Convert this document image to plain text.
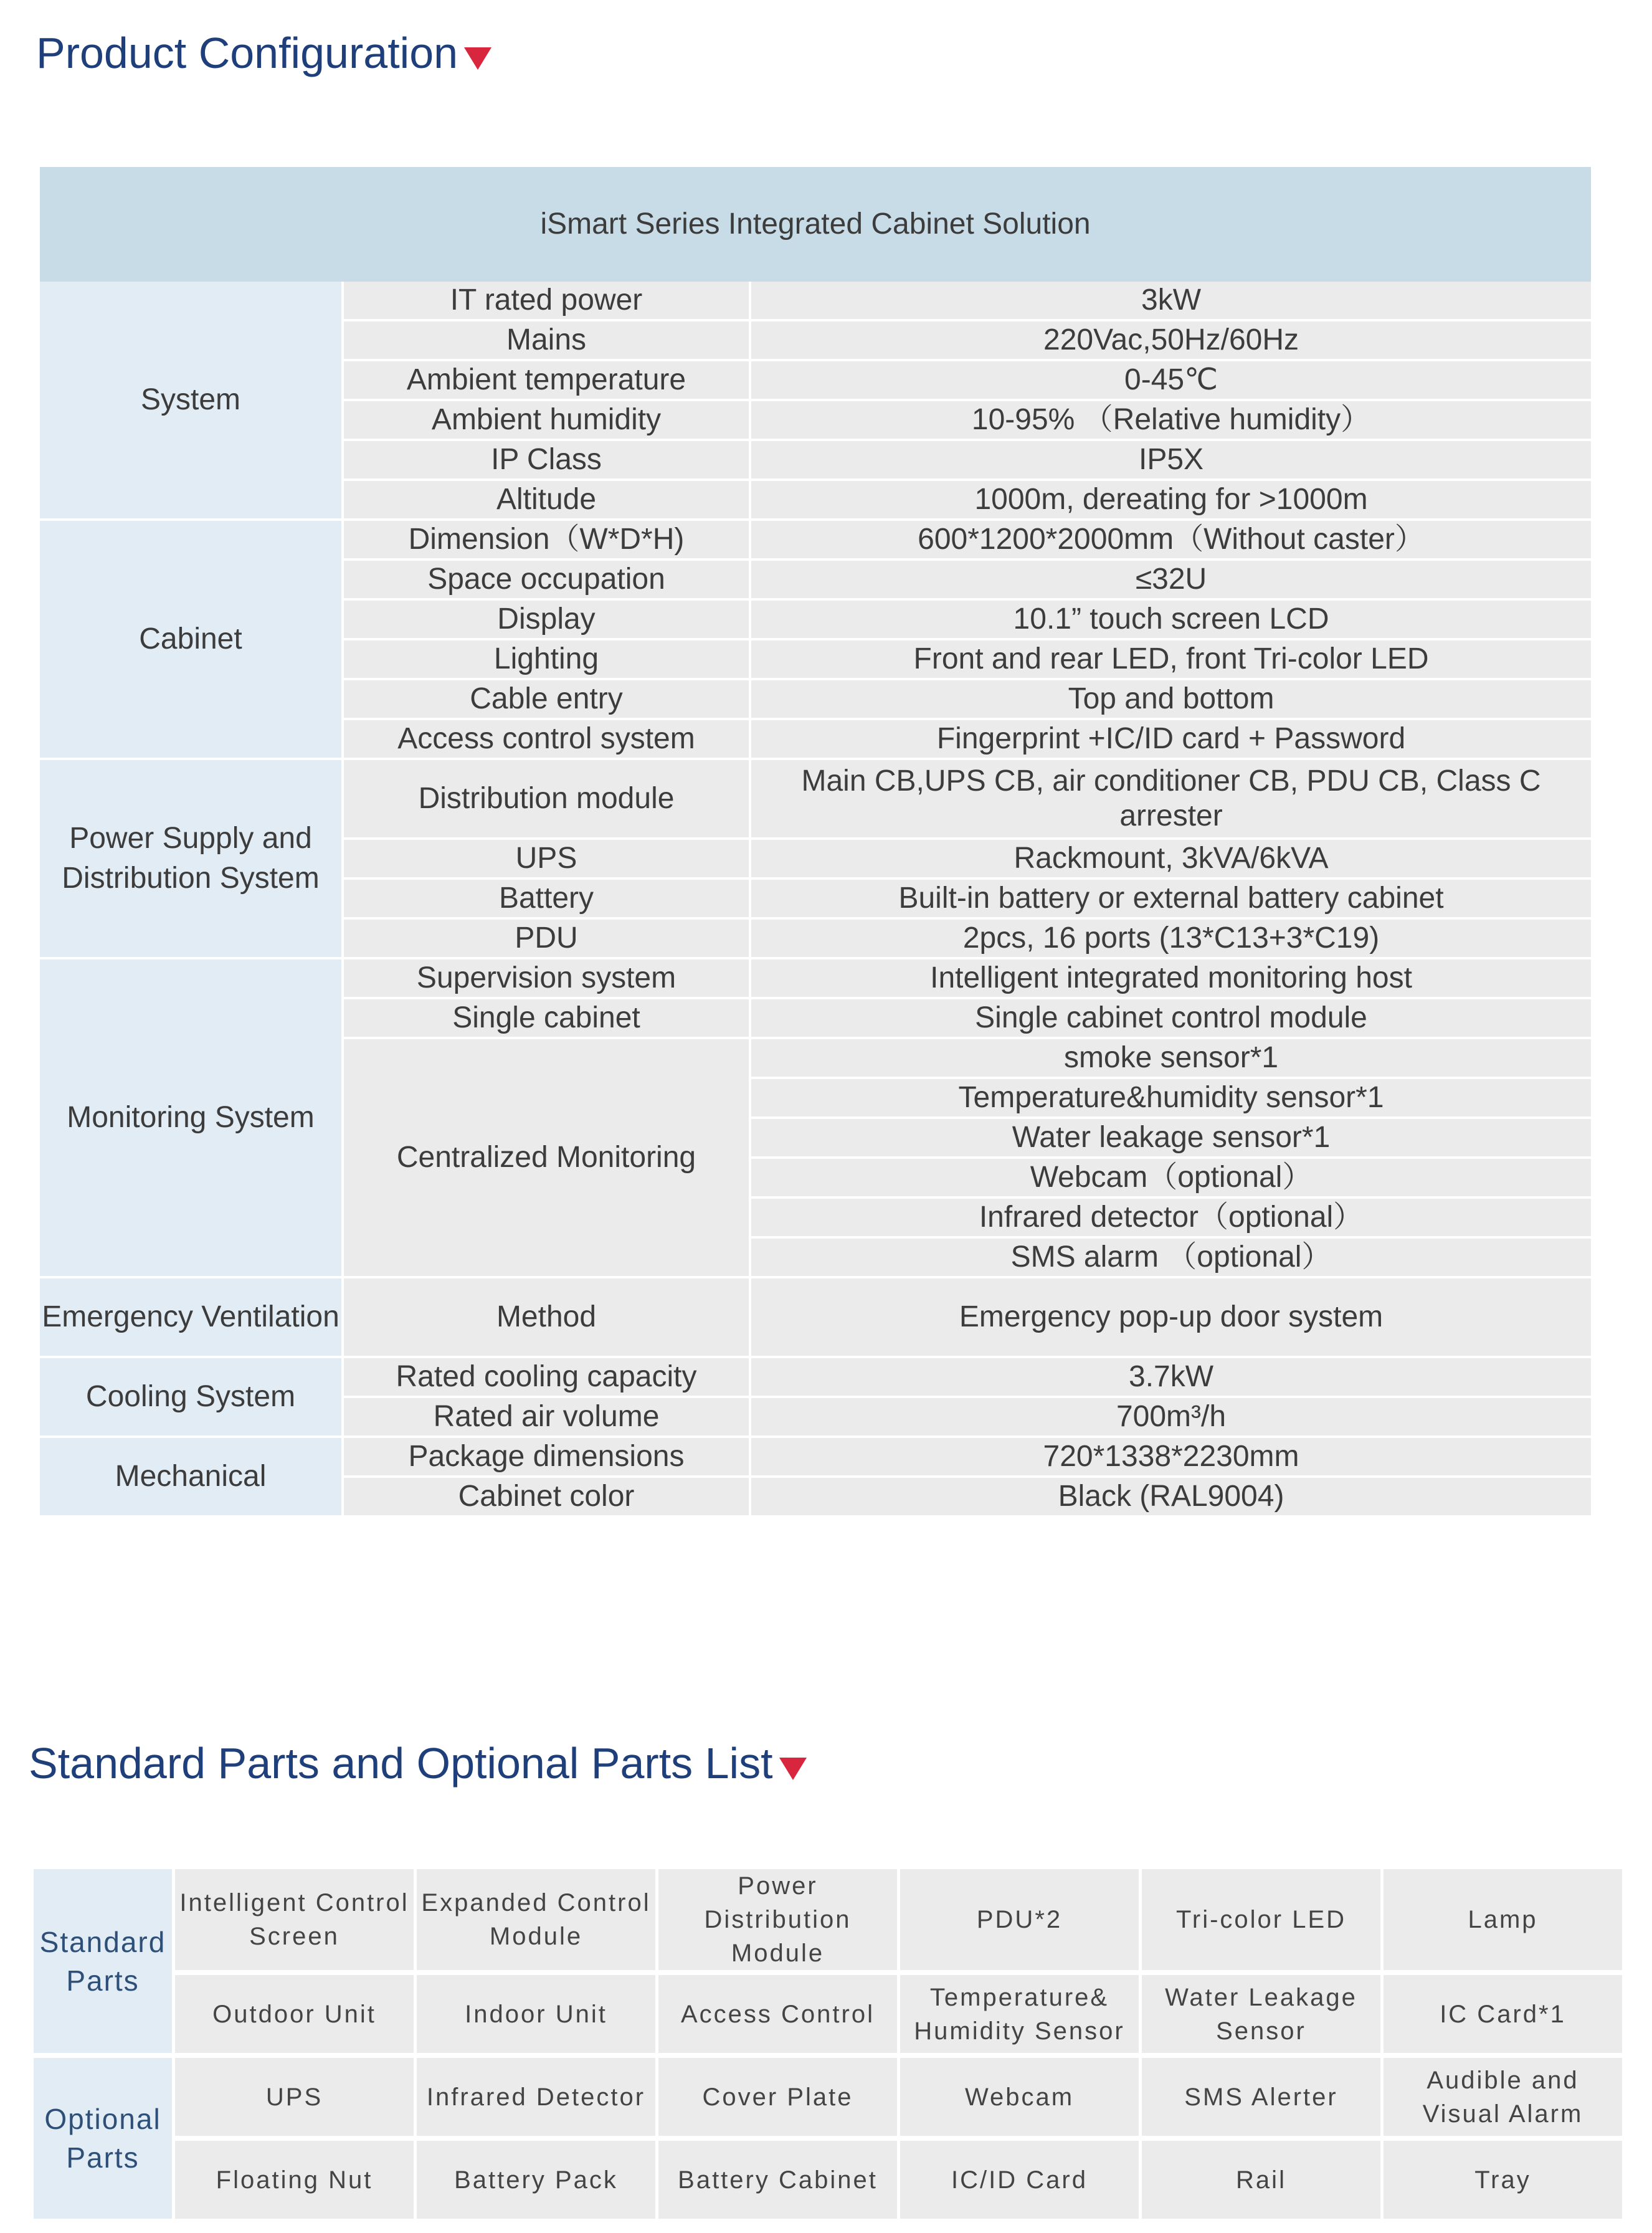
Product Configuration
iSmart Series Integrated Cabinet Solution		
System	IT rated power	3kW
	Mains	220Vac,50Hz/60Hz
	Ambient temperature	0-45℃
	Ambient humidity	10-95% （Relative humidity）
	IP Class	IP5X
	Altitude	1000m, dereating for >1000m
Cabinet	Dimension（W*D*H)	600*1200*2000mm（Without caster）
	Space occupation	≤32U
	Display	10.1” touch screen LCD
	Lighting	Front and rear LED, front Tri-color LED
	Cable entry	Top and bottom
	Access control system	Fingerprint +IC/ID card + Password
Power Supply and Distribution System	Distribution module	Main CB,UPS CB, air conditioner CB, PDU CB, Class C arrester
	UPS	Rackmount, 3kVA/6kVA
	Battery	Built-in battery or external battery cabinet
	PDU	2pcs, 16 ports (13*C13+3*C19)
Monitoring System	Supervision system	Intelligent integrated monitoring host
	Single cabinet	Single cabinet control module
	Centralized Monitoring	smoke sensor*1
		Temperature&humidity sensor*1
		Water leakage sensor*1
		Webcam（optional）
		Infrared detector（optional）
		SMS alarm （optional）
Emergency Ventilation	Method	Emergency pop-up door system
Cooling System	Rated cooling capacity	3.7kW
	Rated air volume	700m³/h
Mechanical	Package dimensions	720*1338*2230mm
	Cabinet color	Black (RAL9004)
Standard Parts and Optional Parts List
Standard Parts	Intelligent Control Screen	Expanded Control Module	Power Distribution Module	PDU*2	Tri-color LED	Lamp
	Outdoor Unit	Indoor Unit	Access Control	Temperature& Humidity Sensor	Water Leakage Sensor	IC Card*1
Optional Parts	UPS	Infrared Detector	Cover Plate	Webcam	SMS Alerter	Audible and Visual Alarm
	Floating Nut	Battery Pack	Battery Cabinet	IC/ID Card	Rail	Tray
